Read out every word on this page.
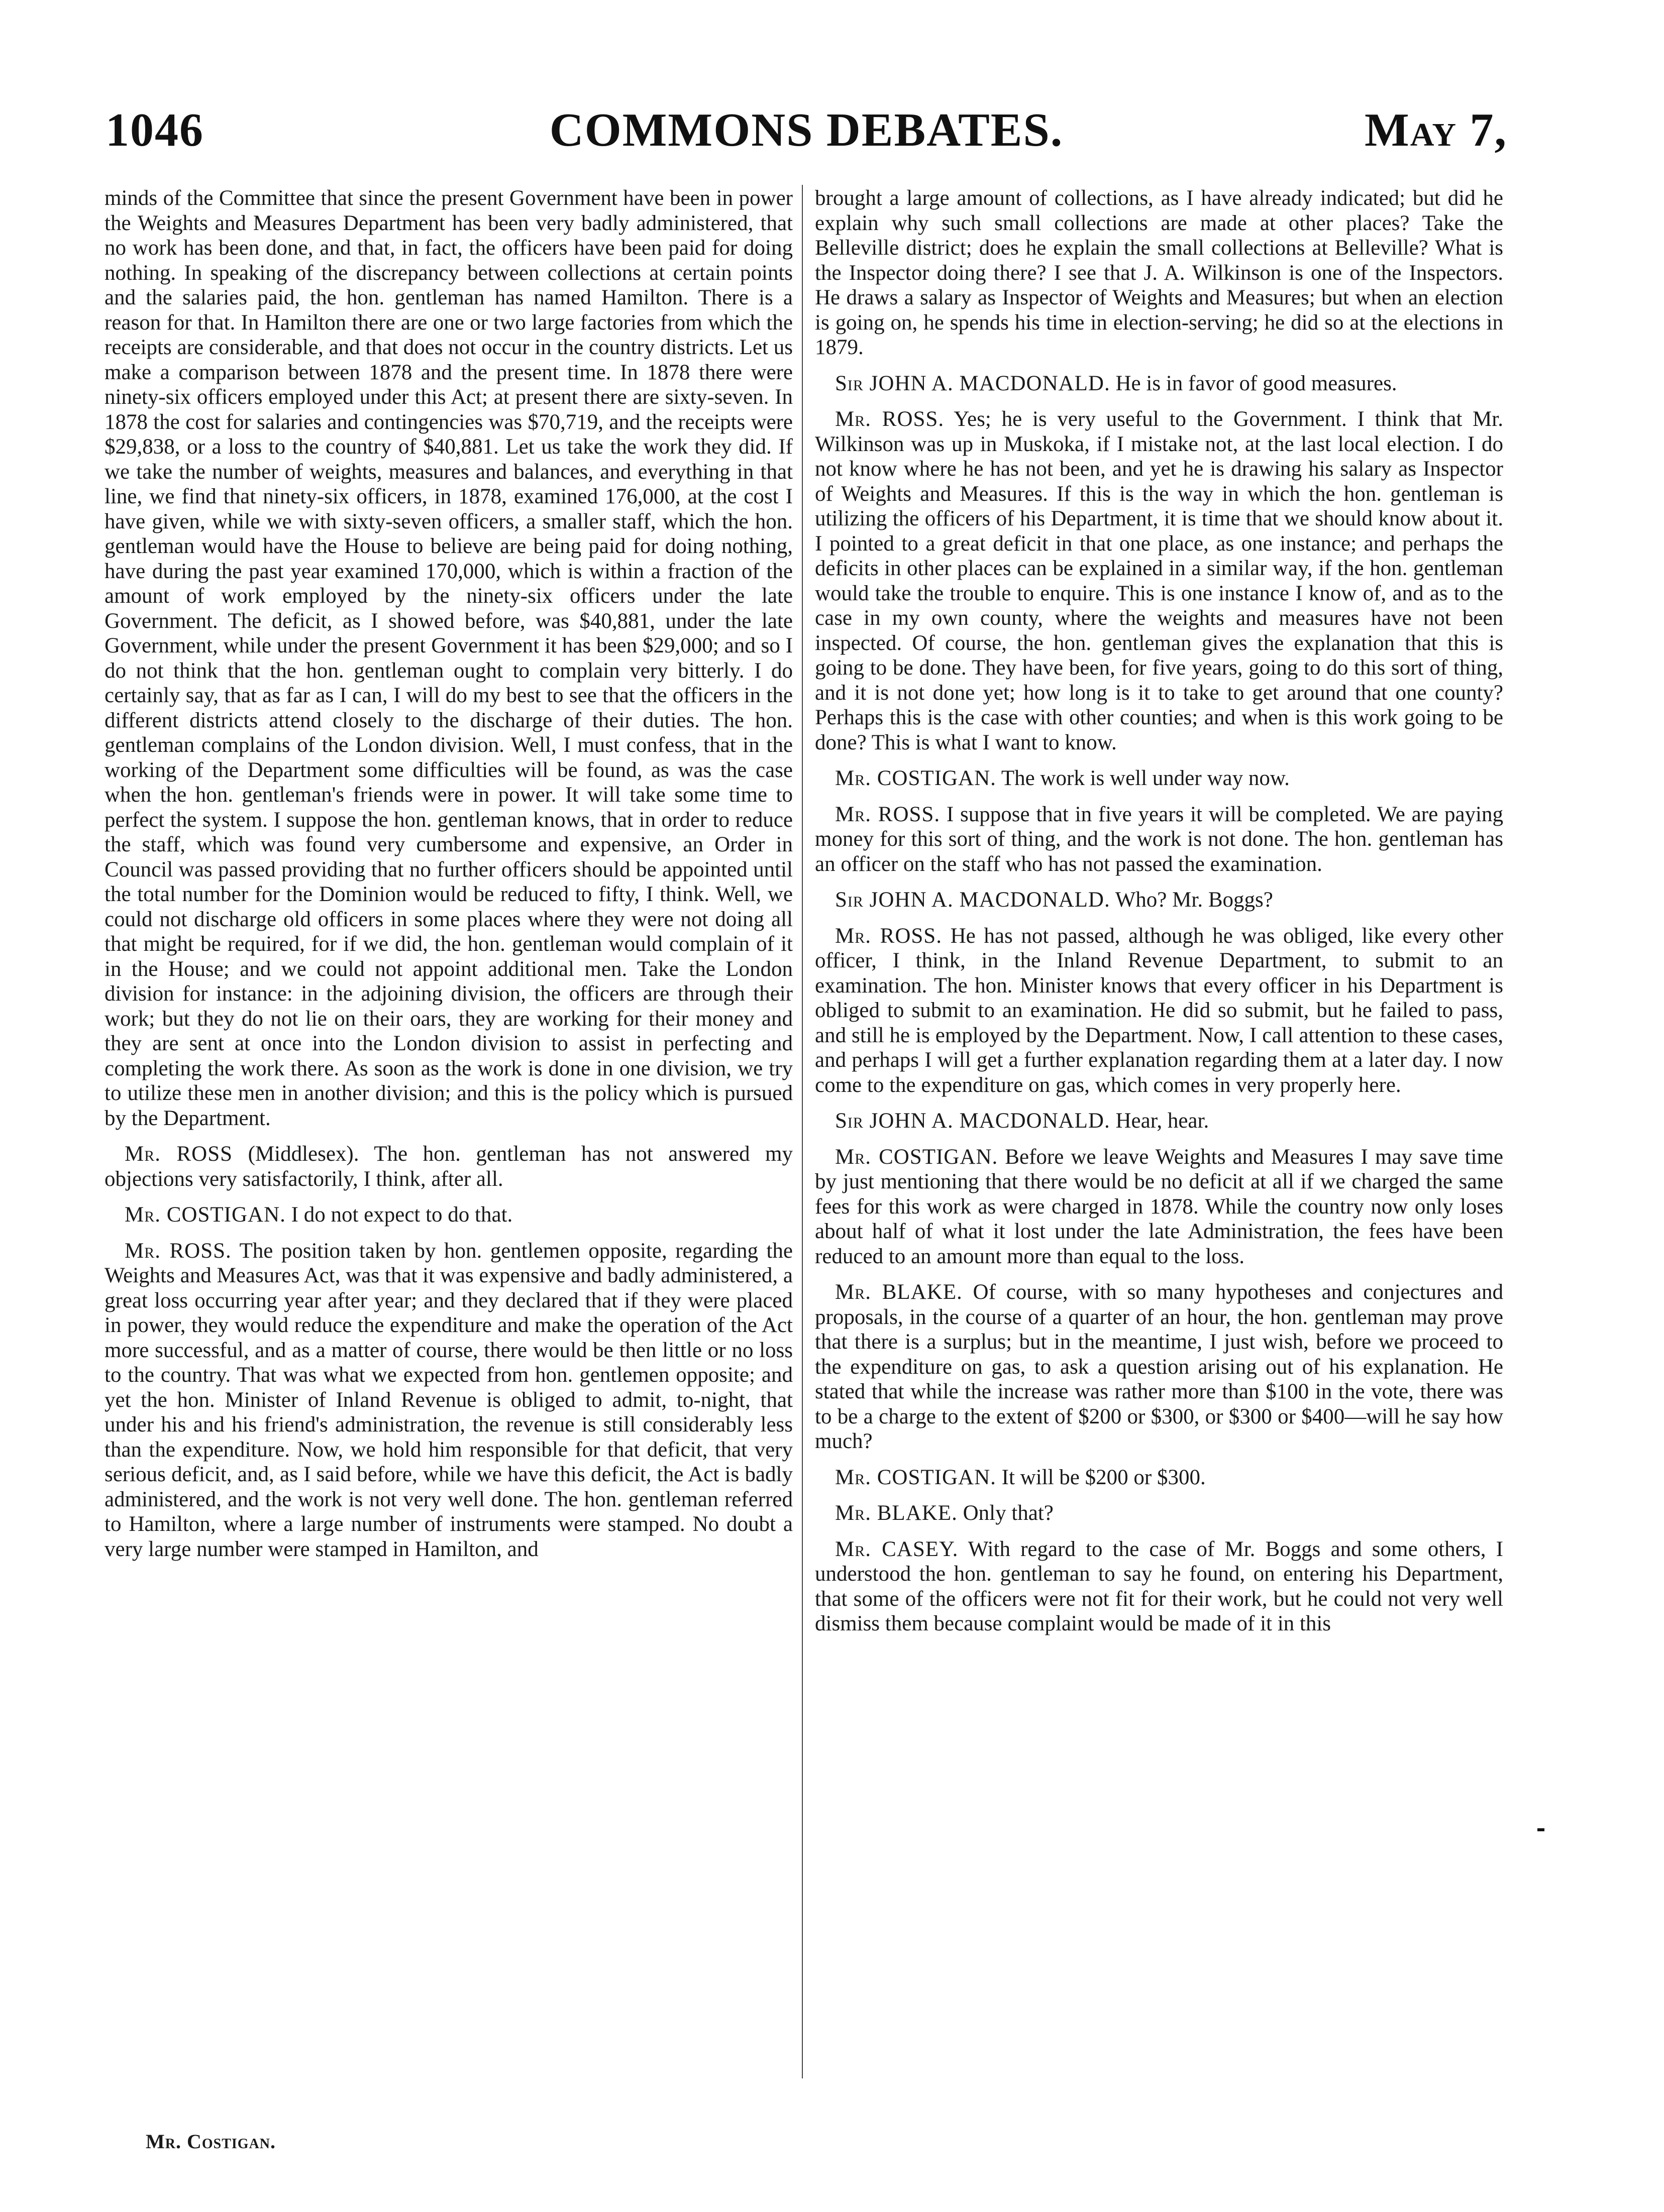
1046	COMMONS DEBATES.	May 7,

minds of the Committee that since the present Government have been in power the Weights and Measures Department has been very badly administered, that no work has been done, and that, in fact, the officers have been paid for doing nothing. In speaking of the discrepancy between collections at certain points and the salaries paid, the hon. gentleman has named Hamilton. There is a reason for that. In Hamilton there are one or two large factories from which the receipts are considerable, and that does not occur in the country districts. Let us make a comparison between 1878 and the present time. In 1878 there were ninety-six officers employed under this Act; at present there are sixty-seven. In 1878 the cost for salaries and contingencies was $70,719, and the receipts were $29,838, or a loss to the country of $40,881. Let us take the work they did. If we take the number of weights, measures and balances, and everything in that line, we find that ninety-six officers, in 1878, examined 176,000, at the cost I have given, while we with sixty-seven officers, a smaller staff, which the hon. gentleman would have the House to believe are being paid for doing nothing, have during the past year examined 170,000, which is within a fraction of the amount of work employed by the ninety-six officers under the late Government. The deficit, as I showed before, was $40,881, under the late Government, while under the present Government it has been $29,000; and so I do not think that the hon. gentleman ought to complain very bitterly. I do certainly say, that as far as I can, I will do my best to see that the officers in the different districts attend closely to the discharge of their duties. The hon. gentleman complains of the London division. Well, I must confess, that in the working of the Department some difficulties will be found, as was the case when the hon. gentleman's friends were in power. It will take some time to perfect the system. I suppose the hon. gentleman knows, that in order to reduce the staff, which was found very cumbersome and expensive, an Order in Council was passed providing that no further officers should be appointed until the total number for the Dominion would be reduced to fifty, I think. Well, we could not discharge old officers in some places where they were not doing all that might be required, for if we did, the hon. gentleman would complain of it in the House; and we could not appoint additional men. Take the London division for instance: in the adjoining division, the officers are through their work; but they do not lie on their oars, they are working for their money and they are sent at once into the London division to assist in perfecting and completing the work there. As soon as the work is done in one division, we try to utilize these men in another division; and this is the policy which is pursued by the Department.

Mr. ROSS (Middlesex). The hon. gentleman has not answered my objections very satisfactorily, I think, after all.

Mr. COSTIGAN. I do not expect to do that.

Mr. ROSS. The position taken by hon. gentlemen opposite, regarding the Weights and Measures Act, was that it was expensive and badly administered, a great loss occurring year after year; and they declared that if they were placed in power, they would reduce the expenditure and make the operation of the Act more successful, and as a matter of course, there would be then little or no loss to the country. That was what we expected from hon. gentlemen opposite; and yet the hon. Minister of Inland Revenue is obliged to admit, to-night, that under his and his friend's administration, the revenue is still considerably less than the expenditure. Now, we hold him responsible for that deficit, that very serious deficit, and, as I said before, while we have this deficit, the Act is badly administered, and the work is not very well done. The hon. gentleman referred to Hamilton, where a large number of instruments were stamped. No doubt a very large number were stamped in Hamilton, and

brought a large amount of collections, as I have already indicated; but did he explain why such small collections are made at other places? Take the Belleville district; does he explain the small collections at Belleville? What is the Inspector doing there? I see that J. A. Wilkinson is one of the Inspectors. He draws a salary as Inspector of Weights and Measures; but when an election is going on, he spends his time in election-serving; he did so at the elections in 1879.

Sir JOHN A. MACDONALD. He is in favor of good measures.

Mr. ROSS. Yes; he is very useful to the Government. I think that Mr. Wilkinson was up in Muskoka, if I mistake not, at the last local election. I do not know where he has not been, and yet he is drawing his salary as Inspector of Weights and Measures. If this is the way in which the hon. gentleman is utilizing the officers of his Department, it is time that we should know about it. I pointed to a great deficit in that one place, as one instance; and perhaps the deficits in other places can be explained in a similar way, if the hon. gentleman would take the trouble to enquire. This is one instance I know of, and as to the case in my own county, where the weights and measures have not been inspected. Of course, the hon. gentleman gives the explanation that this is going to be done. They have been, for five years, going to do this sort of thing, and it is not done yet; how long is it to take to get around that one county? Perhaps this is the case with other counties; and when is this work going to be done? This is what I want to know.

Mr. COSTIGAN. The work is well under way now.

Mr. ROSS. I suppose that in five years it will be completed. We are paying money for this sort of thing, and the work is not done. The hon. gentleman has an officer on the staff who has not passed the examination.

Sir JOHN A. MACDONALD. Who? Mr. Boggs?

Mr. ROSS. He has not passed, although he was obliged, like every other officer, I think, in the Inland Revenue Department, to submit to an examination. The hon. Minister knows that every officer in his Department is obliged to submit to an examination. He did so submit, but he failed to pass, and still he is employed by the Department. Now, I call attention to these cases, and perhaps I will get a further explanation regarding them at a later day. I now come to the expenditure on gas, which comes in very properly here.

Sir JOHN A. MACDONALD. Hear, hear.

Mr. COSTIGAN. Before we leave Weights and Measures I may save time by just mentioning that there would be no deficit at all if we charged the same fees for this work as were charged in 1878. While the country now only loses about half of what it lost under the late Administration, the fees have been reduced to an amount more than equal to the loss.

Mr. BLAKE. Of course, with so many hypotheses and conjectures and proposals, in the course of a quarter of an hour, the hon. gentleman may prove that there is a surplus; but in the meantime, I just wish, before we proceed to the expenditure on gas, to ask a question arising out of his explanation. He stated that while the increase was rather more than $100 in the vote, there was to be a charge to the extent of $200 or $300, or $300 or $400—will he say how much?

Mr. COSTIGAN. It will be $200 or $300.

Mr. BLAKE. Only that?

Mr. CASEY. With regard to the case of Mr. Boggs and some others, I understood the hon. gentleman to say he found, on entering his Department, that some of the officers were not fit for their work, but he could not very well dismiss them because complaint would be made of it in this

Mr. Costigan.
